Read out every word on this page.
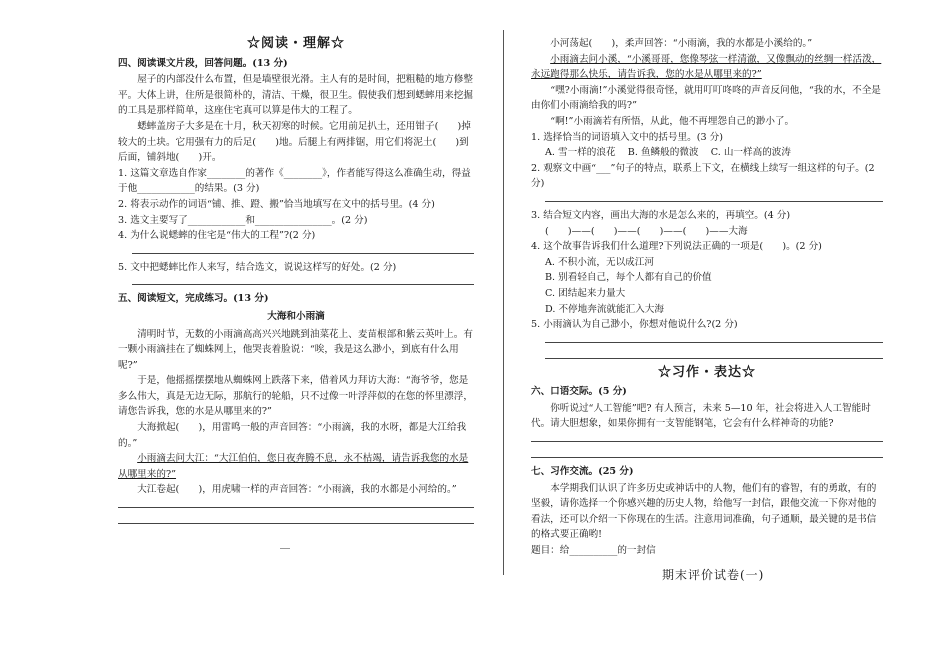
☆阅读・理解☆
四、阅读课文片段，回答问题。(13 分)

屋子的内部没什么布置，但是墙壁很光滑。主人有的是时间，把粗糙的地方修整平。大体上讲，住所是很简朴的，清洁、干燥，很卫生。假使我们想到蟋蟀用来挖掘的工具是那样简单，这座住宅真可以算是伟大的工程了。

蟋蟀盖房子大多是在十月，秋天初寒的时候。它用前足扒土，还用钳子(　　)掉较大的土块。它用强有力的后足(　　)地。后腿上有两排锯，用它们将泥土(　　)到后面，铺斜地(　　)开。

1. 这篇文章选自作家________的著作《________》，作者能写得这么准确生动，得益于他____________的结果。(3 分)

2. 将表示动作的词语“铺、推、蹬、搬”恰当地填写在文中的括号里。(4 分)

3. 选文主要写了____________和________________。(2 分)

4. 为什么说蟋蟀的住宅是“伟大的工程”?(2 分)

5. 文中把蟋蟀比作人来写，结合选文，说说这样写的好处。(2 分)

五、阅读短文，完成练习。(13 分)
大海和小雨滴

清明时节，无数的小雨滴高高兴兴地跳到油菜花上、麦苗根部和紫云英叶上。有一颗小雨滴挂在了蜘蛛网上，他哭丧着脸说：“唉，我是这么渺小，到底有什么用呢?”

于是，他摇摇摆摆地从蜘蛛网上跌落下来，借着风力拜访大海：“海爷爷，您是多么伟大，真是无边无际，那航行的轮船，只不过像一叶浮萍似的在您的怀里漂浮，请您告诉我，您的水是从哪里来的?”

大海掀起(　　)，用雷鸣一般的声音回答：“小雨滴，我的水呀，都是大江给我的。”

小雨滴去问大江：“大江伯伯，您日夜奔腾不息，永不枯竭，请告诉我您的水是从哪里来的?”

大江卷起(　　)，用虎啸一样的声音回答：“小雨滴，我的水都是小河给的。”

小河荡起(　　)，柔声回答：“小雨滴，我的水都是小溪给的。”

小雨滴去问小溪，“小溪哥哥，您像琴弦一样清澈，又像飘动的丝绸一样活泼，永远跑得那么快乐，请告诉我，您的水是从哪里来的?”

“嘿?小雨滴!”小溪觉得很奇怪，就用叮叮咚咚的声音反问他，“我的水，不全是由你们小雨滴给我的吗?”

“啊!”小雨滴若有所悟，从此，他不再埋怨自己的渺小了。

1. 选择恰当的词语填入文中的括号里。(3 分)

A. 雪一样的浪花 B. 鱼鳞般的微波 C. 山一样高的波涛

2. 观察文中画“___”句子的特点，联系上下文，在横线上续写一组这样的句子。(2 分)

3. 结合短文内容，画出大海的水是怎么来的，再填空。(4 分)

(　　)——(　　)——(　　)——(　　)——大海

4. 这个故事告诉我们什么道理?下列说法正确的一项是(　　)。(2 分)

A. 不积小流，无以成江河

B. 别看轻自己，每个人都有自己的价值

C. 团结起来力量大

D. 不停地奔流就能汇入大海

5. 小雨滴认为自己渺小，你想对他说什么?(2 分)

☆习作・表达☆
六、口语交际。(5 分)

你听说过“人工智能”吧? 有人预言，未来 5—10 年，社会将进入人工智能时代。请大胆想象，如果你拥有一支智能钢笔，它会有什么样神奇的功能?

七、习作交流。(25 分)

本学期我们认识了许多历史或神话中的人物，他们有的睿智，有的勇敢，有的坚毅，请你选择一个你感兴趣的历史人物，给他写一封信，跟他交流一下你对他的看法，还可以介绍一下你现在的生活。注意用词准确，句子通顺，最关键的是书信的格式要正确哟!

题目：给__________的一封信

期末评价试卷(一)
